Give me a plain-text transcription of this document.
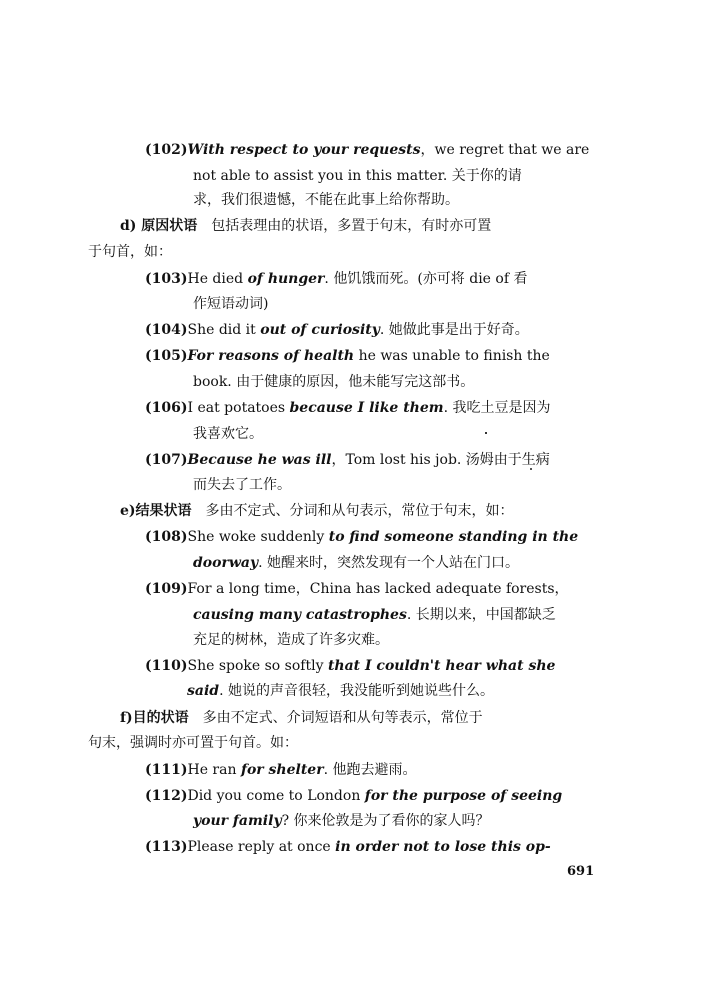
(102)With respect to your requests，we regret that we are
not able to assist you in this matter. 关于你的请
求，我们很遗憾，不能在此事上给你帮助。
d) 原因状语　包括表理由的状语，多置于句末，有时亦可置
于句首，如：
(103)He died of hunger. 他饥饿而死。(亦可将 die of 看
作短语动词)
(104)She did it out of curiosity. 她做此事是出于好奇。
(105)For reasons of health he was unable to finish the
book. 由于健康的原因，他未能写完这部书。
(106)I eat potatoes because I like them. 我吃土豆是因为
我喜欢它。
(107)Because he was ill，Tom lost his job. 汤姆由于生病
而失去了工作。
e)结果状语　多由不定式、分词和从句表示，常位于句末，如：
(108)She woke suddenly to find someone standing in the
doorway. 她醒来时，突然发现有一个人站在门口。
(109)For a long time，China has lacked adequate forests，
causing many catastrophes. 长期以来，中国都缺乏
充足的树林，造成了许多灾难。
(110)She spoke so softly that I couldn't hear what she
said. 她说的声音很轻，我没能听到她说些什么。
f)目的状语　多由不定式、介词短语和从句等表示，常位于
句末，强调时亦可置于句首。如：
(111)He ran for shelter. 他跑去避雨。
(112)Did you come to London for the purpose of seeing
your family? 你来伦敦是为了看你的家人吗？
(113)Please reply at once in order not to lose this op-
691
